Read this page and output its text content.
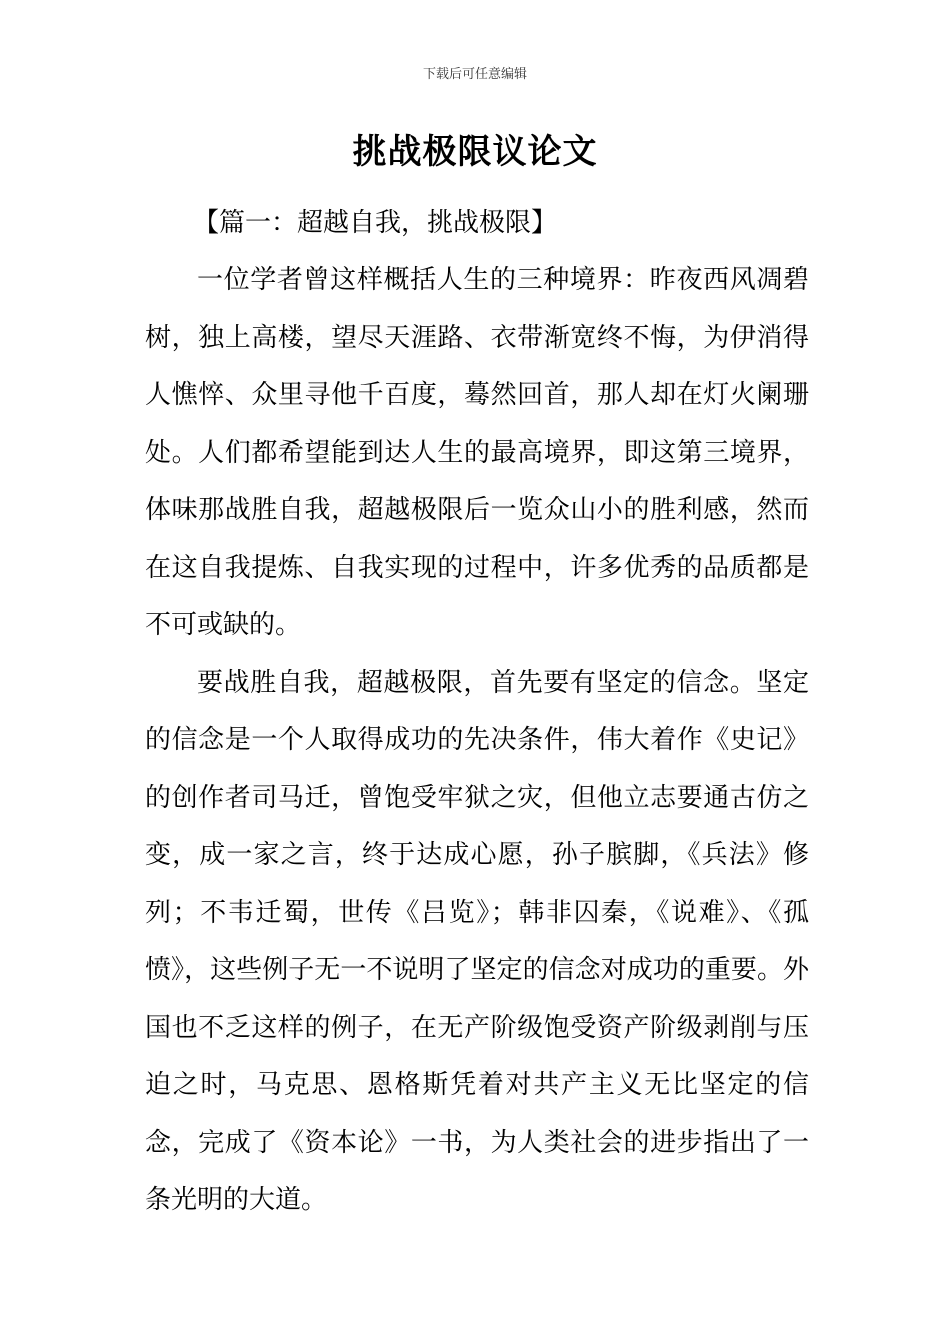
下载后可任意编辑
挑战极限议论文

【篇一：超越自我，挑战极限】

一位学者曾这样概括人生的三种境界：昨夜西风凋碧树，独上高楼，望尽天涯路、衣带渐宽终不悔，为伊消得人憔悴、众里寻他千百度，蓦然回首，那人却在灯火阑珊处。人们都希望能到达人生的最高境界，即这第三境界，体味那战胜自我，超越极限后一览众山小的胜利感，然而在这自我提炼、自我实现的过程中，许多优秀的品质都是不可或缺的。

要战胜自我，超越极限，首先要有坚定的信念。坚定的信念是一个人取得成功的先决条件，伟大着作《史记》的创作者司马迁，曾饱受牢狱之灾，但他立志要通古仿之变，成一家之言，终于达成心愿，孙子膑脚，《兵法》修列；不韦迁蜀，世传《吕览》；韩非囚秦，《说难》、《孤愤》，这些例子无一不说明了坚定的信念对成功的重要。外国也不乏这样的例子，在无产阶级饱受资产阶级剥削与压迫之时，马克思、恩格斯凭着对共产主义无比坚定的信念，完成了《资本论》一书，为人类社会的进步指出了一条光明的大道。
